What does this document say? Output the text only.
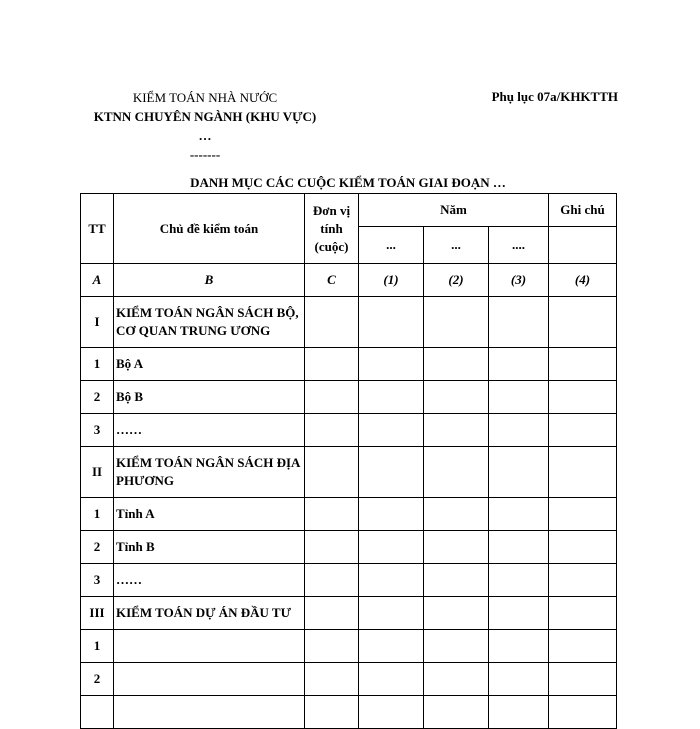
KIỂM TOÁN NHÀ NƯỚC
KTNN CHUYÊN NGÀNH (KHU VỰC)
…
-------
Phụ lục 07a/KHKTTH
DANH MỤC CÁC CUỘC KIỂM TOÁN GIAI ĐOẠN …
TT	Chủ đề kiểm toán	Đơn vị tính (cuộc)	Năm			Ghi chú
			...	...	....	
A	B	C	(1)	(2)	(3)	(4)
I	KIỂM TOÁN NGÂN SÁCH BỘ, CƠ QUAN TRUNG ƯƠNG					
1	Bộ A					
2	Bộ B					
3	……					
II	KIỂM TOÁN NGÂN SÁCH ĐỊA PHƯƠNG					
1	Tỉnh A					
2	Tỉnh B					
3	……					
III	KIỂM TOÁN DỰ ÁN ĐẦU TƯ					
1						
2						
